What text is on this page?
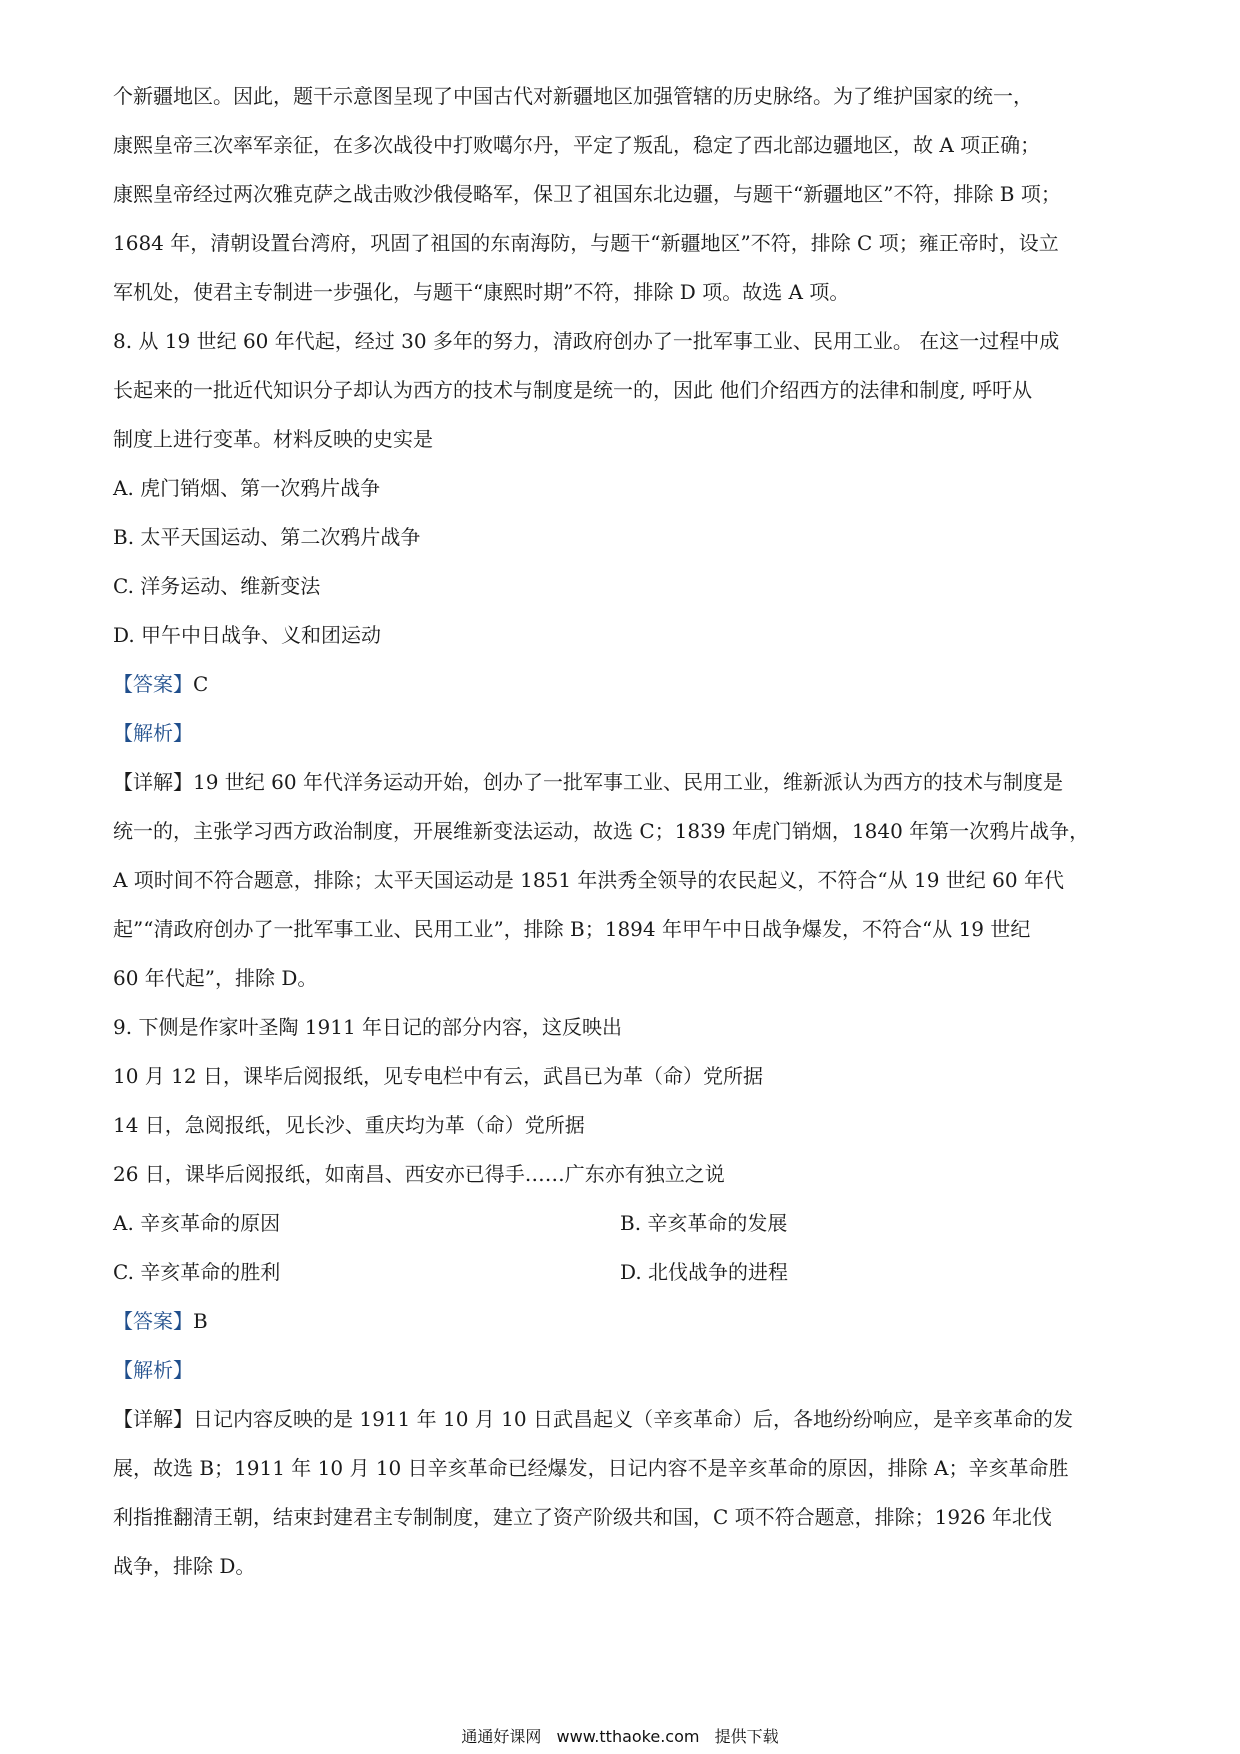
个新疆地区。因此，题干示意图呈现了中国古代对新疆地区加强管辖的历史脉络。为了维护国家的统一，
康熙皇帝三次率军亲征，在多次战役中打败噶尔丹，平定了叛乱，稳定了西北部边疆地区，故 A 项正确；
康熙皇帝经过两次雅克萨之战击败沙俄侵略军，保卫了祖国东北边疆，与题干“新疆地区”不符，排除 B 项；
1684 年，清朝设置台湾府，巩固了祖国的东南海防，与题干“新疆地区”不符，排除 C 项；雍正帝时，设立
军机处，使君主专制进一步强化，与题干“康熙时期”不符，排除 D 项。故选 A 项。
8. 从 19 世纪 60 年代起，经过 30 多年的努力，清政府创办了一批军事工业、民用工业。 在这一过程中成
长起来的一批近代知识分子却认为西方的技术与制度是统一的，因此 他们介绍西方的法律和制度, 呼吁从
制度上进行变革。材料反映的史实是
A. 虎门销烟、第一次鸦片战争
B. 太平天国运动、第二次鸦片战争
C. 洋务运动、维新变法
D. 甲午中日战争、义和团运动
【答案】C
【解析】
【详解】19 世纪 60 年代洋务运动开始，创办了一批军事工业、民用工业，维新派认为西方的技术与制度是
统一的，主张学习西方政治制度，开展维新变法运动，故选 C；1839 年虎门销烟，1840 年第一次鸦片战争，
A 项时间不符合题意，排除；太平天国运动是 1851 年洪秀全领导的农民起义，不符合“从 19 世纪 60 年代
起”“清政府创办了一批军事工业、民用工业”，排除 B；1894 年甲午中日战争爆发，不符合“从 19 世纪
60 年代起”，排除 D。
9. 下侧是作家叶圣陶 1911 年日记的部分内容，这反映出
10 月 12 日，课毕后阅报纸，见专电栏中有云，武昌已为革（命）党所据
14 日，急阅报纸，见长沙、重庆均为革（命）党所据
26 日，课毕后阅报纸，如南昌、西安亦已得手……广东亦有独立之说
A. 辛亥革命的原因	B. 辛亥革命的发展
C. 辛亥革命的胜利	D. 北伐战争的进程
【答案】B
【解析】
【详解】日记内容反映的是 1911 年 10 月 10 日武昌起义（辛亥革命）后，各地纷纷响应，是辛亥革命的发
展，故选 B；1911 年 10 月 10 日辛亥革命已经爆发，日记内容不是辛亥革命的原因，排除 A；辛亥革命胜
利指推翻清王朝，结束封建君主专制制度，建立了资产阶级共和国，C 项不符合题意，排除；1926 年北伐
战争，排除 D。
通通好课网 www.tthaoke.com 提供下载
